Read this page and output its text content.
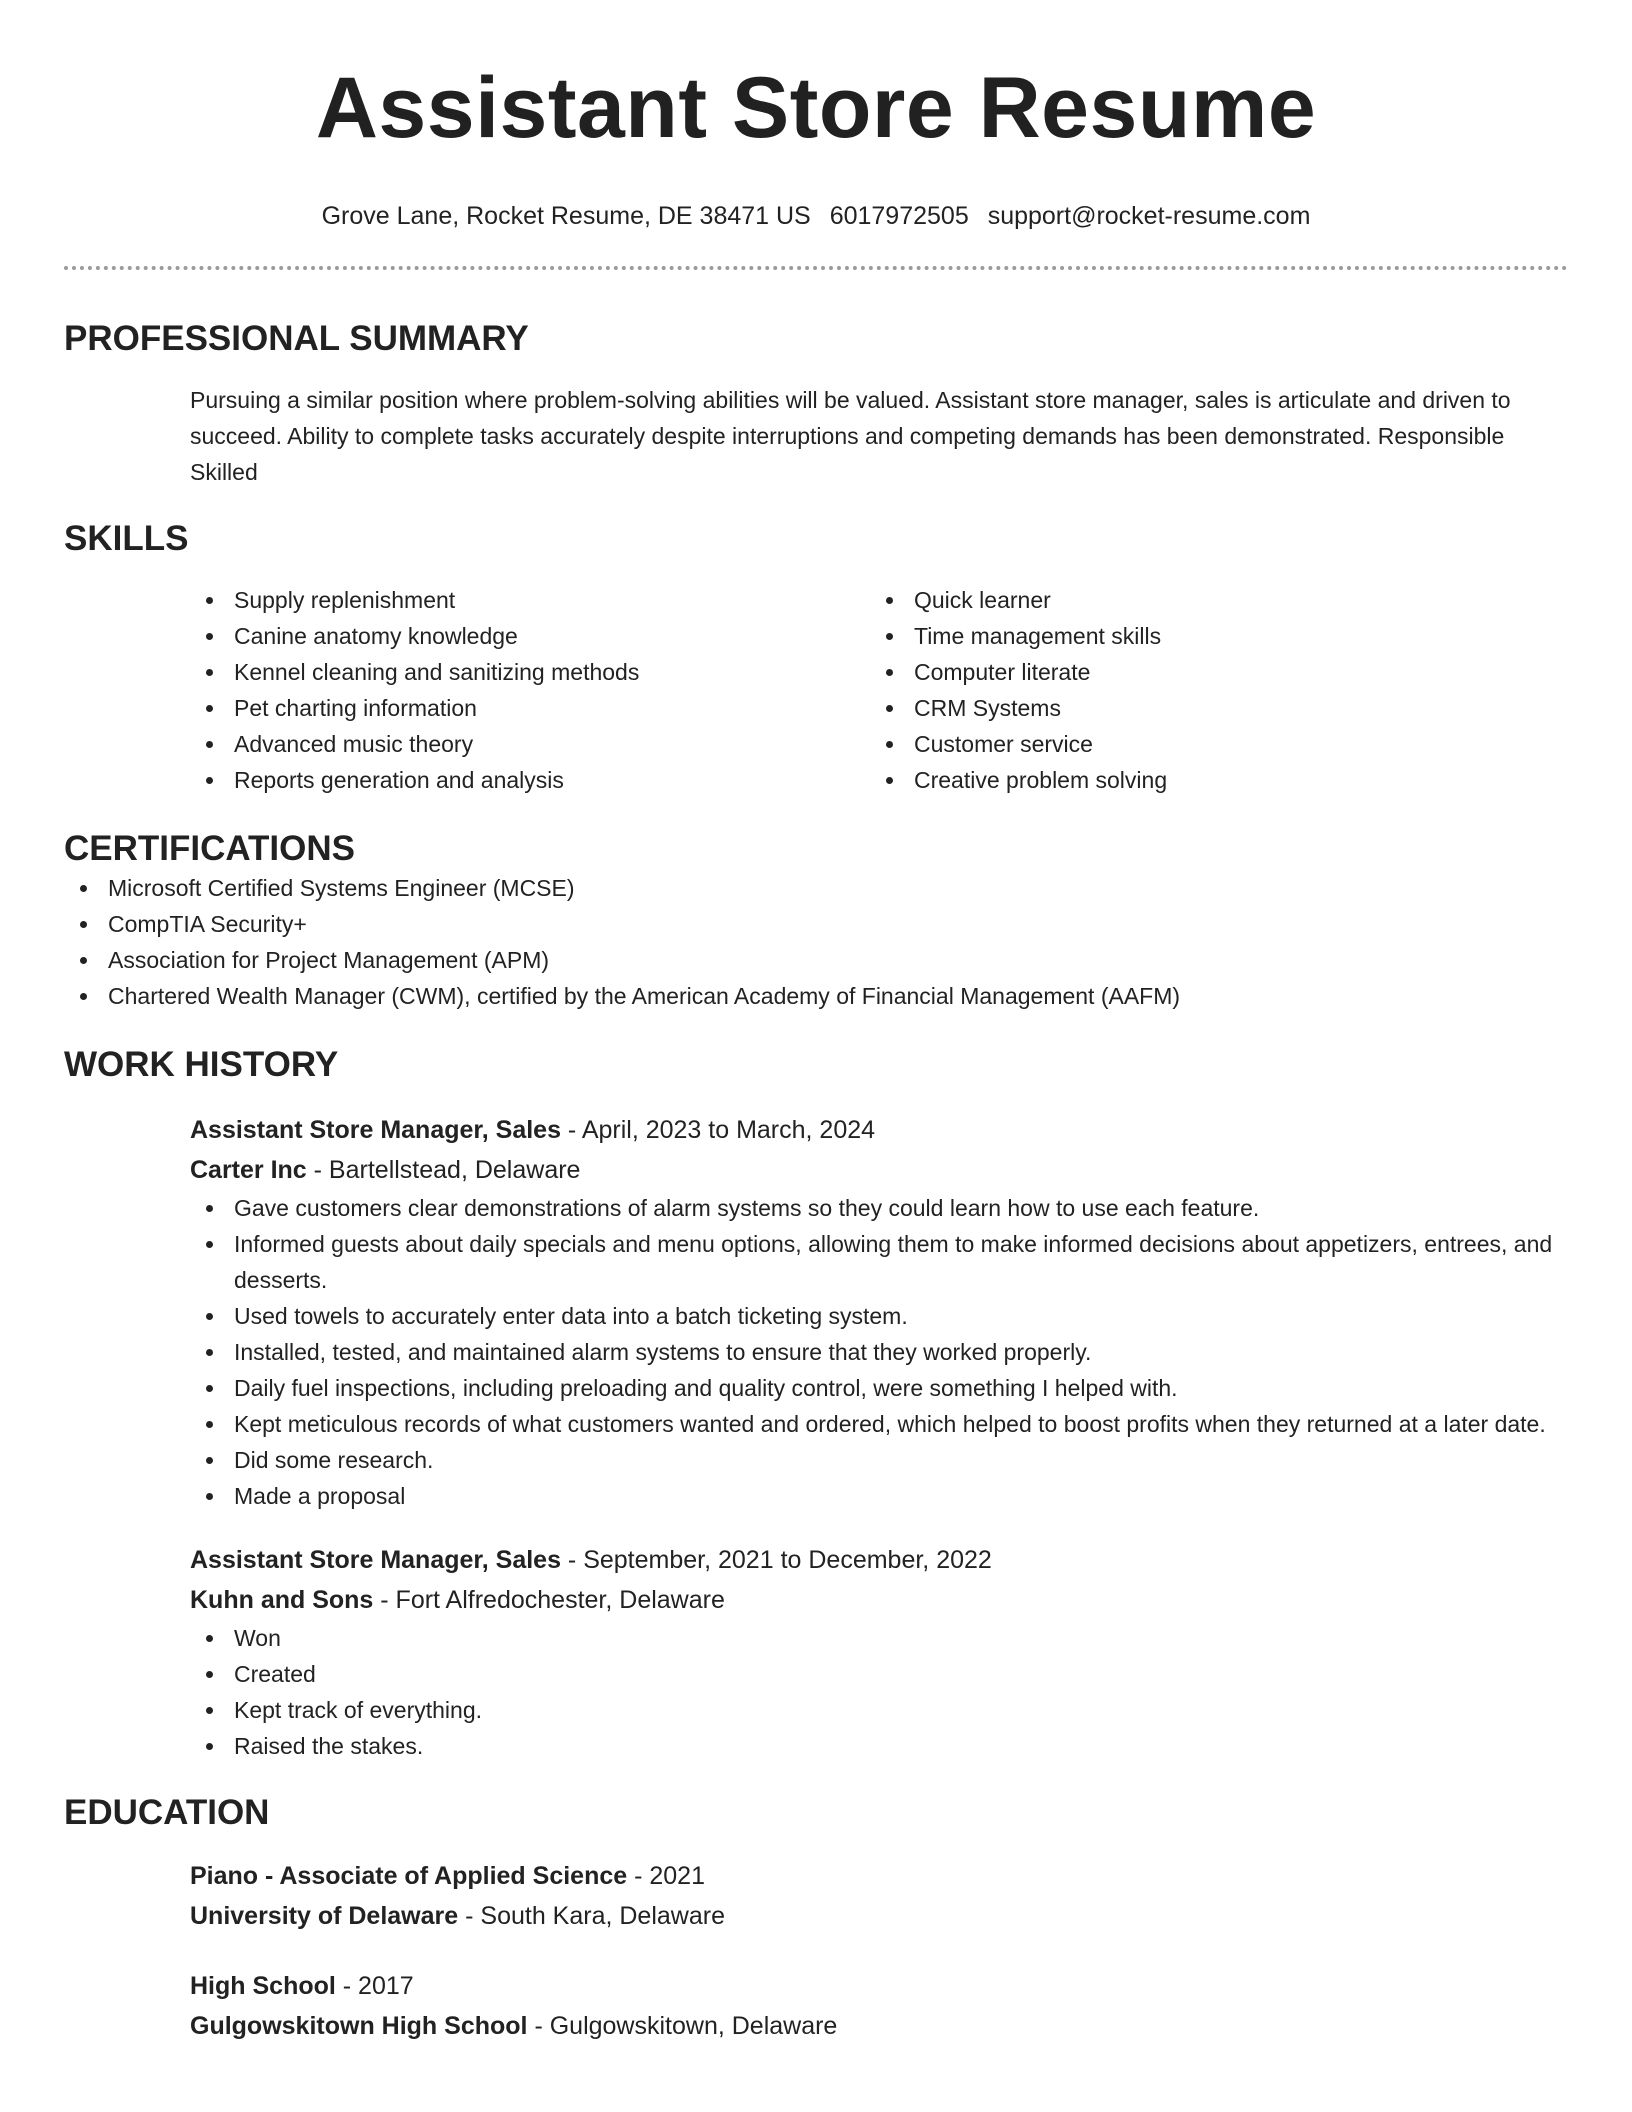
Assistant Store Resume
Grove Lane, Rocket Resume, DE 38471 US 6017972505 support@rocket-resume.com
PROFESSIONAL SUMMARY

Pursuing a similar position where problem-solving abilities will be valued. Assistant store manager, sales is articulate and driven to succeed. Ability to complete tasks accurately despite interruptions and competing demands has been demonstrated. Responsible Skilled

SKILLS
Supply replenishment
Canine anatomy knowledge
Kennel cleaning and sanitizing methods
Pet charting information
Advanced music theory
Reports generation and analysis
Quick learner
Time management skills
Computer literate
CRM Systems
Customer service
Creative problem solving
CERTIFICATIONS
Microsoft Certified Systems Engineer (MCSE)
CompTIA Security+
Association for Project Management (APM)
Chartered Wealth Manager (CWM), certified by the American Academy of Financial Management (AAFM)
WORK HISTORY
Assistant Store Manager, Sales - April, 2023 to March, 2024
Carter Inc - Bartellstead, Delaware
Gave customers clear demonstrations of alarm systems so they could learn how to use each feature.
Informed guests about daily specials and menu options, allowing them to make informed decisions about appetizers, entrees, and desserts.
Used towels to accurately enter data into a batch ticketing system.
Installed, tested, and maintained alarm systems to ensure that they worked properly.
Daily fuel inspections, including preloading and quality control, were something I helped with.
Kept meticulous records of what customers wanted and ordered, which helped to boost profits when they returned at a later date.
Did some research.
Made a proposal
Assistant Store Manager, Sales - September, 2021 to December, 2022
Kuhn and Sons - Fort Alfredochester, Delaware
Won
Created
Kept track of everything.
Raised the stakes.
EDUCATION
Piano - Associate of Applied Science - 2021
University of Delaware - South Kara, Delaware
High School - 2017
Gulgowskitown High School - Gulgowskitown, Delaware
